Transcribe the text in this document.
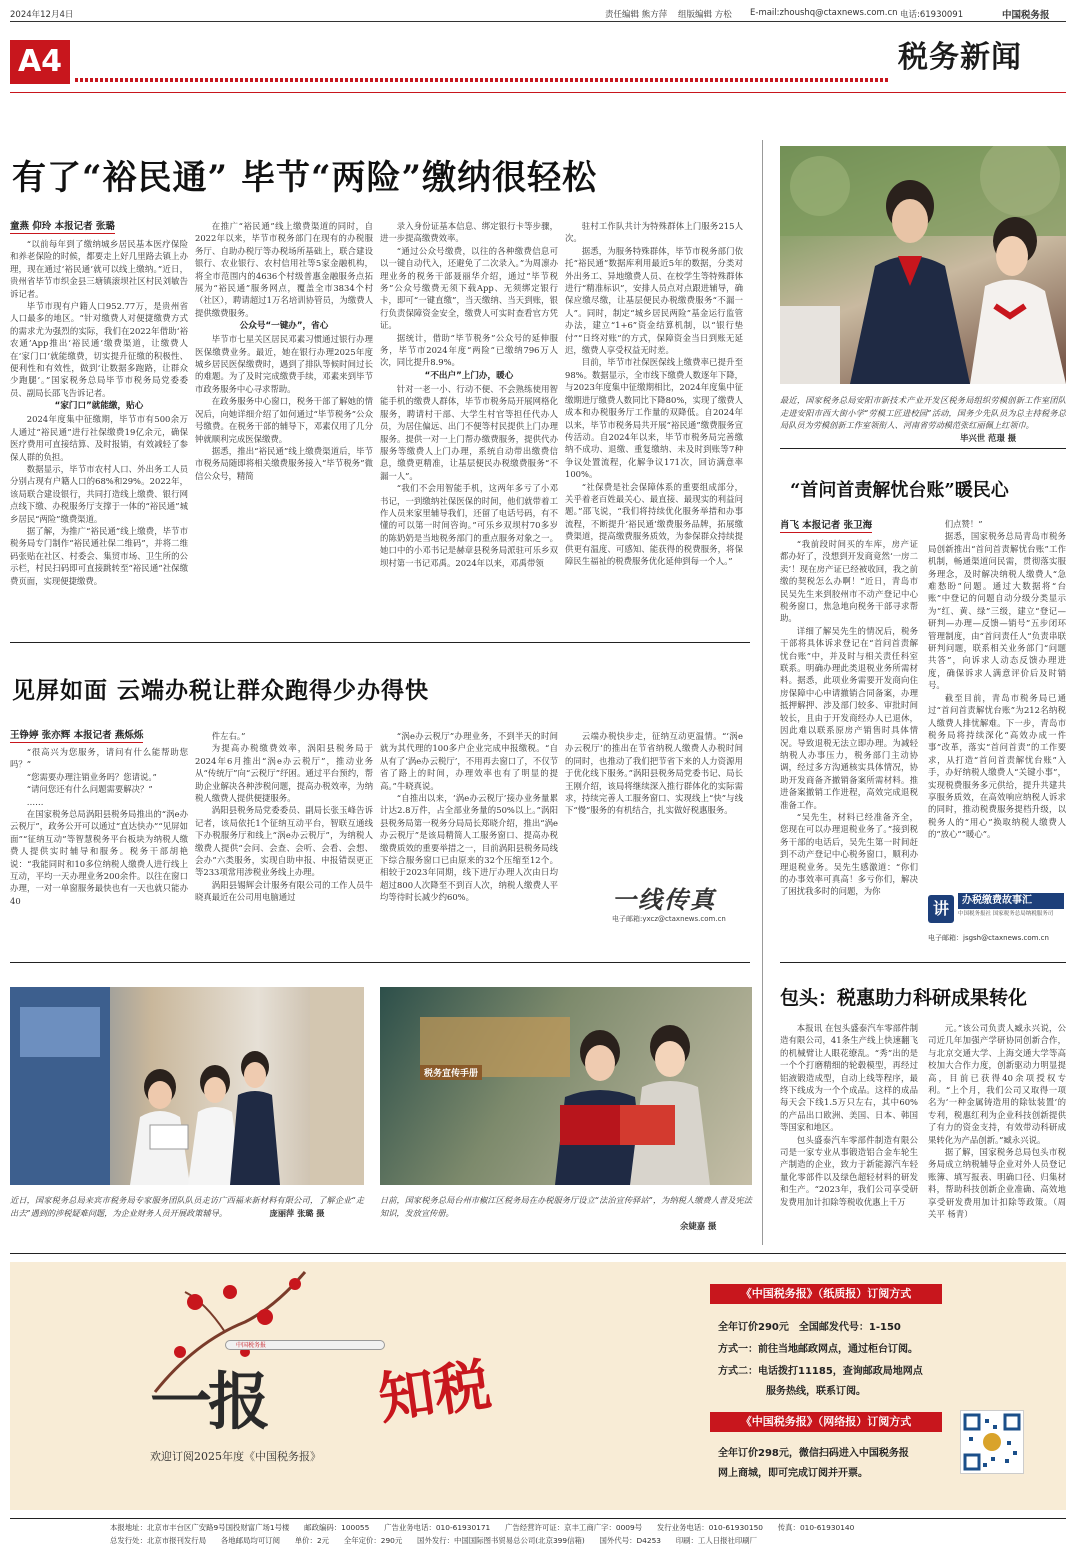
2024年12月4日	责任编辑 熊方萍 组版编辑 方松 E-mail:zhoushq@ctaxnews.com.cn 电话:61930091	中国税务报
A4	税务新闻
有了“裕民通” 毕节“两险”缴纳很轻松
童燕 仰玲 本报记者 张璐

“以前每年到了缴纳城乡居民基本医疗保险和养老保险的时候，都要走上好几里路去镇上办理，现在通过‘裕民通’就可以线上缴纳。”近日，贵州省毕节市织金县三塘镇滚坝社区村民刘敏告诉记者。

毕节市现有户籍人口952.77万，是贵州省人口最多的地区。“针对缴费人对便捷缴费方式的需求尤为强烈的实际，我们在2022年借助‘裕农通’App推出‘裕民通’缴费渠道，让缴费人在‘家门口’就能缴费，切实提升征缴的积极性、便利性和有效性，做到‘让数据多跑路，让群众少跑腿’。”国家税务总局毕节市税务局党委委员、副局长邵飞告诉记者。

“家门口”就能缴，贴心

2024年度集中征缴期，毕节市有500余万人通过“裕民通”进行社保缴费19亿余元，确保医疗费用可直接结算、及时报销，有效减轻了参保人群的负担。

数据显示，毕节市农村人口、外出务工人员分别占现有户籍人口的68%和29%。2022年，该局联合建设银行，共同打造线上缴费、银行网点线下缴、办税服务厅支撑于一体的“裕民通”城乡居民“两险”缴费渠道。

据了解，为推广“裕民通”线上缴费，毕节市税务局专门制作“裕民通社保二维码”，并将二维码张贴在社区、村委会、集贸市场、卫生所的公示栏，村民扫码即可直接跳转至“裕民通”社保缴费页面，实现便捷缴费。

在推广“裕民通”线上缴费渠道的同时，自2022年以来，毕节市税务部门在现有的办税服务厅、自助办税厅等办税场所基础上，联合建设银行、农业银行、农村信用社等5家金融机构，将全市范围内的4636个村级普惠金融服务点拓展为“裕民通”服务网点，覆盖全市3834个村（社区），聘请超过1万名培训协管员，为缴费人提供缴费服务。

公众号“一键办”，省心

毕节市七星关区居民邓素习惯通过银行办理医保缴费业务。最近，她在银行办理2025年度城乡居民医保缴费时，遇到了排队等候时间过长的难题。为了及时完成缴费手续，邓素来到毕节市政务服务中心寻求帮助。

在政务服务中心窗口，税务干部了解她的情况后，向她详细介绍了如何通过“毕节税务”公众号缴费。在税务干部的辅导下，邓素仅用了几分钟就顺利完成医保缴费。

据悉，推出“裕民通”线上缴费渠道后，毕节市税务局随即将相关缴费服务接入“毕节税务”微信公众号，精简

录入身份证基本信息、绑定银行卡等步骤，进一步提高缴费效率。

“通过公众号缴费，以往的各种缴费信息可以一键自动代入，还避免了二次录入。”为周凛办理业务的税务干部聂丽华介绍，通过“毕节税务”公众号缴费无须下载App、无须绑定银行卡，即可“一键直缴”，当天缴纳、当天到账，银行负责保障资金安全，缴费人可实时查看官方凭证。

据统计，借助“毕节税务”公众号的延伸服务，毕节市2024年度“两险”已缴纳796万人次，同比提升8.9%。

“不出户”上门办，暖心

针对一老一小、行动不便、不会熟练使用智能手机的缴费人群体，毕节市税务局开展网格化服务，聘请村干部、大学生村官等担任代办人员，为居住偏远、出门不便等村民提供上门办理服务。提供一对一上门帮办缴费服务，提供代办服务等缴费人上门办理，系统自动带出缴费信息，缴费更精准，让基层便民办税缴费服务“不漏一人”。

“我们不会用智能手机，这两年多亏了小邓书记，一到缴纳社保医保的时间，他们就带着工作人员来家里辅导我们，还留了电话号码，有不懂的可以第一时间咨询。”可乐乡双坝村70多岁的陈奶奶是当地税务部门的重点服务对象之一。她口中的小邓书记是赫章县税务局派驻可乐乡双坝村第一书记邓禹。2024年以来，邓禹带领

驻村工作队共计为特殊群体上门服务215人次。

据悉，为服务特殊群体，毕节市税务部门依托“裕民通”数据库利用最近5年的数据，分类对外出务工、异地缴费人员、在校学生等特殊群体进行“精准标识”，安排人员点对点跟进辅导，确保应缴尽缴，让基层便民办税缴费服务“不漏一人”。同时，制定“城乡居民两险”基金运行监管办法，建立“1+6”资金结算机制，以“银行垫付”“日终对账”的方式，保障资金当日到账无延迟，缴费人享受权益无时差。

目前，毕节市社保医保线上缴费率已提升至98%。数据显示，全市线下缴费人数逐年下降，与2023年度集中征缴期相比，2024年度集中征缴期进厅缴费人数同比下降80%，实现了缴费人成本和办税服务厅工作量的双降低。自2024年以来，毕节市税务局共开展“裕民通”缴费服务宣传活动。自2024年以来，毕节市税务局完善缴纳不成功、退缴、重复缴纳、未及时到账等7种争议处置流程，化解争议171次，回访满意率100%。

“社保费是社会保障体系的重要组成部分，关乎着老百姓最关心、最直接、最现实的利益问题。”邵飞说，“我们将持续优化服务举措和办事流程，不断提升‘裕民通’缴费服务品牌，拓展缴费渠道，提高缴费服务质效，为参保群众持续提供更有温度、可感知、能获得的税费服务，将保障民生福祉的税费服务优化延伸到每一个人。”

见屏如面 云端办税让群众跑得少办得快
王铮婷 张亦辉 本报记者 燕烁烁

“很高兴为您服务，请问有什么能帮助您吗？”

“您需要办理注销业务吗？您请说。”

“请问您还有什么问题需要解决？”

……

在国家税务总局涡阳县税务局推出的“涡e办云税厅”，政务公开可以通过“直达快办”“见屏如面”“征纳互动”等智慧税务平台板块为纳税人缴费人提供实时辅导和服务。税务干部胡艳说：“我能同时和10多位纳税人缴费人进行线上互动，平均一天办理业务200余件。以往在窗口办理，一对一单窗服务最快也有一天也就只能办40

件左右。”

为提高办税缴费效率，涡阳县税务局于2024年6月推出“涡e办云税厅”，推动业务从“传统厅”向“云税厅”纾困。通过平台预约，帮助企业解决各种涉税问题，提高办税效率，为纳税人缴费人提供便捷服务。

涡阳县税务局党委委员、副局长张玉峰告诉记者，该局依托1个征纳互动平台，智联互通线下办税服务厅和线上“涡e办云税厅”，为纳税人缴费人提供“会问、会查、会听、会看、会想、会办”六类服务，实现自助申报、申报错误更正等233项常用涉税业务线上办理。

涡阳县锡辉会计服务有限公司的工作人员牛晓真最近在公司用电脑通过

“涡e办云税厅”办理业务，不到半天的时间就为其代理的100多户企业完成申报缴税。“自从有了‘涡e办云税厅’，不用再去窗口了，不仅节省了路上的时间，办理效率也有了明显的提高。”牛晓真说。

“自推出以来，‘涡e办云税厅’接办业务量累计达2.8万件，占全部业务量的50%以上。”涡阳县税务局第一税务分局局长郑晓介绍，推出“涡e办云税厅”是该局精简人工服务窗口、提高办税缴费质效的重要举措之一，目前涡阳县税务局线下综合服务窗口已由原来的32个压缩至12个。相较于2023年同期，线下进厅办理人次由日均超过800人次降至不到百人次，纳税人缴费人平均等待时长减少约60%。

云端办税快步走，征纳互动更温情。“‘涡e办云税厅’的推出在节省纳税人缴费人办税时间的同时，也推动了我们把节省下来的人力资源用于优化线下服务。”涡阳县税务局党委书记、局长王刚介绍，该局将继续深入推行群体化的实际需求，持续完善人工服务窗口、实现线上“快”与线下“慢”服务的有机结合，扎实做好税惠服务。

一线传真
电子邮箱:yxcz@ctaxnews.com.cn
最近，国家税务总局安阳市新技术产业开发区税务局组织劳模创新工作室团队走进安阳市西大街小学“劳模工匠进校园”活动，国务少先队员为总主持税务总局队员为劳模创新工作室领衔人、河南省劳动模范张红丽佩上红领巾。
毕兴世 范璟 摄
“首问首责解忧台账”暖民心
肖飞 本报记者 张卫海

“我前段时间买的车库，房产证都办好了，没想到开发商竟然‘一房二卖’！现在房产证已经被收回，我之前缴的契税怎么办啊！”近日，青岛市民吴先生来到胶州市不动产登记中心税务窗口，焦急地向税务干部寻求帮助。

详细了解吴先生的情况后，税务干部将具体诉求登记在“首问首责解忧台账”中，并及时与相关责任科室联系。明确办理此类退税业务所需材料。据悉，此项业务需要开发商向住房保障中心申请撤销合同备案，办理抵押解押、涉及部门较多、审批时间较长，且由于开发商经办人已退休，因此难以联系原房产销售时具体情况。导致退税无法立即办理。为减轻纳税人办事压力，税务部门主动协调，经过多方沟通核实具体情况，协助开发商备齐撤销备案所需材料。推进备案撤销工作进程，高效完成退税准备工作。

“吴先生，材料已经准备齐全，您现在可以办理退税业务了。”接到税务干部的电话后，吴先生第一时间赶到不动产登记中心税务窗口，顺利办理退税业务。吴先生感激道：“你们的办事效率可真高！多亏你们，解决了困扰我多时的问题，为你

们点赞！”

据悉，国家税务总局青岛市税务局创新推出“首问首责解忧台账”工作机制，畅通渠道问民需，贯彻落实服务理念，及时解决纳税人缴费人“急难愁盼”问题。通过大数据将“台账”中登记的问题自动分级分类显示为“红、黄、绿”三级，建立“登记—研判—办理—反馈—销号”五步闭环管理制度，由“首问责任人”负责串联研判问题，联系相关业务部门“问题共答”，向诉求人动态反馈办理进度，确保诉求人满意评价后及时销号。

截至目前，青岛市税务局已通过“首问首责解忧台账”为212名纳税人缴费人排忧解难。下一步，青岛市税务局将持续深化“高效办成一件事”改革，落实“首问首责”的工作要求，从打造“首问首责解忧台账”入手，办好纳税人缴费人“关键小事”，实现税费服务多元供给，提升共建共享服务质效，在高效响应纳税人诉求的同时，推动税费服务提档升级，以税务人的“用心”换取纳税人缴费人的“放心”“暖心”。

讲	办税缴费故事汇
中国税务报社 国家税务总局纳税服务司
电子邮箱：jsgsh@ctaxnews.com.cn
包头：税惠助力科研成果转化

本报讯 在包头盛泰汽车零部件制造有限公司，41条生产线上快速翻飞的机械臂让人眼花缭乱。“秀”出的是一个个打磨精细的轮毂模型，再经过铝液锻造成型，自动上线等程序，最终下线成为一个个成品。这样的成品每天会下线1.5万只左右，其中60%的产品出口欧洲、美国、日本、韩国等国家和地区。

包头盛泰汽车零部件制造有限公司是一家专业从事锻造铝合金车轮生产制造的企业，致力于新能源汽车轻量化零部件以及绿色超轻材料的研发和生产。“2023年，我们公司享受研发费用加计扣除等税收优惠上千万

元。”该公司负责人臧永兴说，公司近几年加强产学研协同创新合作，与北京交通大学、上海交通大学等高校加大合作力度，创新驱动力明显提高，目前已获得40余项授权专利。“上个月，我们公司又取得一项名为‘一种金属铸造用的除钛装置’的专利，税惠红利为企业科技创新提供了有力的资金支持，有效带动科研成果转化为产品创新。”臧永兴说。

据了解，国家税务总局包头市税务局成立纳税辅导企业对外人员登记账簿、填写报表、明确口径、归集材料，帮助科技创新企业准确、高效地享受研发费用加计扣除等政策。（周关平 杨青）

近日，国家税务总局来宾市税务局专家服务团队队员走访广西福来新材料有限公司，了解企业“走出去”遇到的涉税疑难问题，为企业财务人员开展政策辅导。	庞丽萍 张璐 摄
税务宣传手册
日前，国家税务总局台州市椒江区税务局在办税服务厅设立“法治宣传驿站”，为纳税人缴费人普及宪法知识，发放宣传册。
余婕嘉 摄
一报 知税
中国税务报
欢迎订阅2025年度《中国税务报》
《中国税务报》（纸质报）订阅方式
全年订价290元　全国邮发代号：1-150
方式一：前往当地邮政网点，通过柜台订阅。
方式二：电话拨打11185，查询邮政局地网点
服务热线，联系订阅。
《中国税务报》（网络报）订阅方式
全年订价298元，微信扫码进入中国税务报
网上商城，即可完成订阅并开票。
本报地址：北京市丰台区广安路9号国投财富广场1号楼　　邮政编码：100055　　广告业务电话：010-61930171　　广告经营许可证：京丰工商广字：0009号　　发行业务电话：010-61930150　　传真：010-61930140
总发行处：北京市报刊发行局　　各地邮局均可订阅　　单价：2元　　全年定价：290元　　国外发行：中国国际图书贸易总公司(北京399信箱)　　国外代号：D4253　　印刷：工人日报社印刷厂
